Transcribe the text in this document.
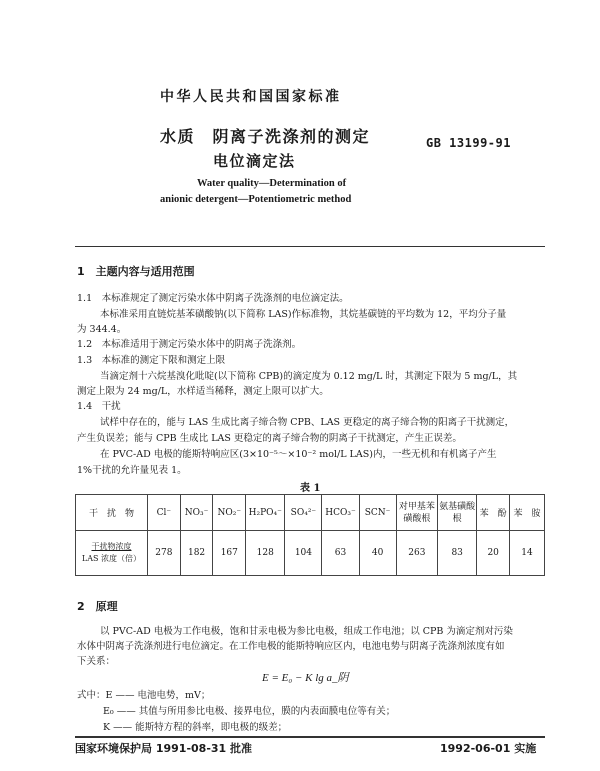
中华人民共和国国家标准
水质　阴离子洗涤剂的测定
电位滴定法
GB 13199-91
Water quality—Determination of
anionic detergent—Potentiometric method
1　主题内容与适用范围
1.1　本标准规定了测定污染水体中阴离子洗涤剂的电位滴定法。
本标准采用直链烷基苯磺酸钠(以下简称 LAS)作标准物，其烷基碳链的平均数为 12，平均分子量
为 344.4。
1.2　本标准适用于测定污染水体中的阴离子洗涤剂。
1.3　本标准的测定下限和测定上限
当滴定剂十六烷基溴化吡啶(以下简称 CPB)的滴定度为 0.12 mg/L 时，其测定下限为 5 mg/L，其
测定上限为 24 mg/L，水样适当稀释，测定上限可以扩大。
1.4　干扰
试样中存在的，能与 LAS 生成比离子缔合物 CPB、LAS 更稳定的离子缔合物的阳离子干扰测定，
产生负误差；能与 CPB 生成比 LAS 更稳定的离子缔合物的阴离子干扰测定，产生正误差。
在 PVC-AD 电极的能斯特响应区(3×10⁻⁵～×10⁻² mol/L LAS)内，一些无机和有机离子产生
1%干扰的允许量见表 1。
表 1
干　扰　物	Cl⁻	NO₃⁻	NO₂⁻	H₂PO₄⁻	SO₄²⁻	HCO₃⁻	SCN⁻	对甲基苯磺酸根	氨基磺酸　根	苯　酚	苯　胺

干扰物浓度
LAS 浓度（倍）	278	182	167	128	104	63	40	263	83	20	14
2　原理
以 PVC-AD 电极为工作电极，饱和甘汞电极为参比电极，组成工作电池；以 CPB 为滴定剂对污染
水体中阴离子洗涤剂进行电位滴定。在工作电极的能斯特响应区内，电池电势与阴离子洗涤剂浓度有如
下关系：
E = E₀ − K lg a_阴
式中：E —— 电池电势，mV；
E₀ —— 其值与所用参比电极、接界电位，膜的内表面膜电位等有关；
K —— 能斯特方程的斜率，即电极的级差；
国家环境保护局 1991-08-31 批准	1992-06-01 实施
